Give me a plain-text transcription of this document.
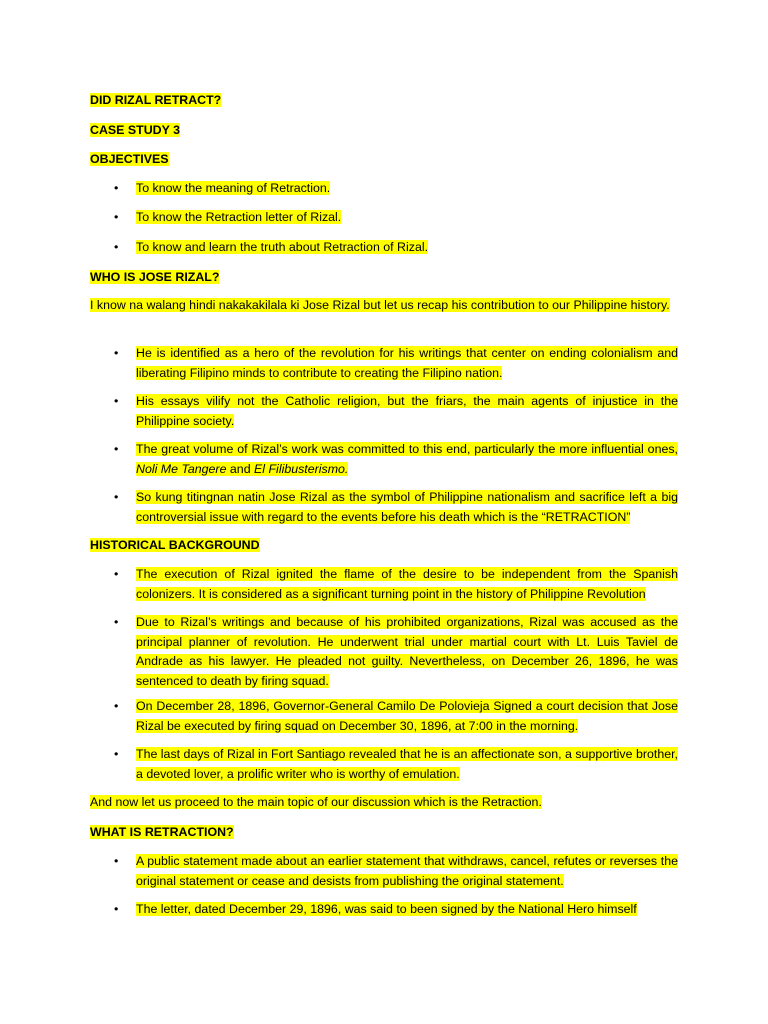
DID RIZAL RETRACT?
CASE STUDY 3
OBJECTIVES
• To know the meaning of Retraction.
• To know the Retraction letter of Rizal.
• To know and learn the truth about Retraction of Rizal.
WHO IS JOSE RIZAL?
I know na walang hindi nakakakilala ki Jose Rizal but let us recap his contribution to our Philippine history.
• He is identified as a hero of the revolution for his writings that center on ending colonialism and liberating Filipino minds to contribute to creating the Filipino nation.
• His essays vilify not the Catholic religion, but the friars, the main agents of injustice in the Philippine society.
• The great volume of Rizal’s work was committed to this end, particularly the more influential ones, Noli Me Tangere and El Filibusterismo.
• So kung titingnan natin Jose Rizal as the symbol of Philippine nationalism and sacrifice left a big controversial issue with regard to the events before his death which is the “RETRACTION”
HISTORICAL BACKGROUND
• The execution of Rizal ignited the flame of the desire to be independent from the Spanish colonizers. It is considered as a significant turning point in the history of Philippine Revolution
• Due to Rizal’s writings and because of his prohibited organizations, Rizal was accused as the principal planner of revolution. He underwent trial under martial court with Lt. Luis Taviel de Andrade as his lawyer. He pleaded not guilty. Nevertheless, on December 26, 1896, he was sentenced to death by firing squad.
• On December 28, 1896, Governor-General Camilo De Polovieja Signed a court decision that Jose Rizal be executed by firing squad on December 30, 1896, at 7:00 in the morning.
• The last days of Rizal in Fort Santiago revealed that he is an affectionate son, a supportive brother, a devoted lover, a prolific writer who is worthy of emulation.
And now let us proceed to the main topic of our discussion which is the Retraction.
WHAT IS RETRACTION?
• A public statement made about an earlier statement that withdraws, cancel, refutes or reverses the original statement or cease and desists from publishing the original statement.
• The letter, dated December 29, 1896, was said to been signed by the National Hero himself
